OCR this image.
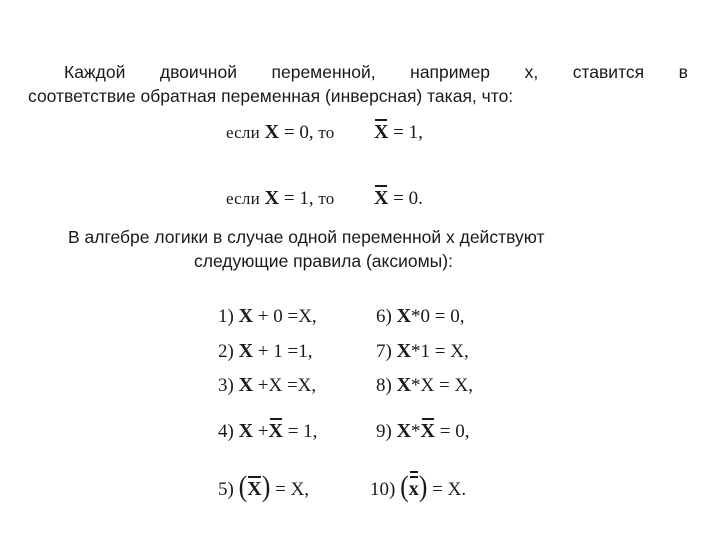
Каждой двоичной переменной, например x, ставится в
соответствие обратная переменная (инверсная) такая, что:
если X = 0, то X = 1,
если X = 1, то X = 0.
В алгебре логики в случае одной переменной x действуют
следующие правила (аксиомы):
1) X + 0 =X,
2) X + 1 =1,
3) X +X =X,
4) X +X = 1,
5) (X) = X,
6) X*0 = 0,
7) X*1 = X,
8) X*X = X,
9) X*X = 0,
10) (x) = X.
